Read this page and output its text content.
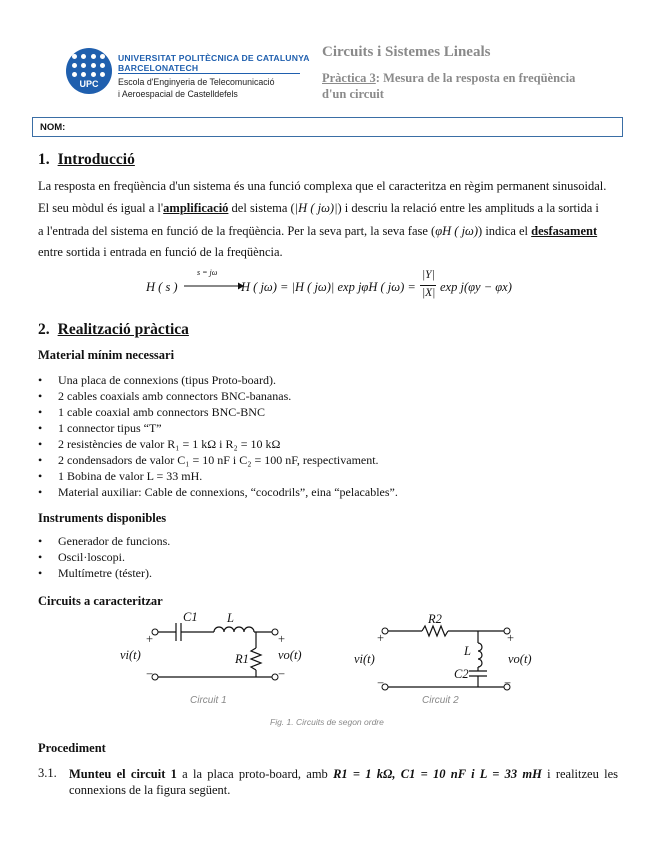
UPC
UNIVERSITAT POLITÈCNICA DE CATALUNYA
BARCELONATECH
Escola d'Enginyeria de Telecomunicació
i Aeroespacial de Castelldefels
Circuits i Sistemes Lineals
Pràctica 3: Mesura de la resposta en freqüència d'un circuit
NOM:
1. Introducció
La resposta en freqüència d'un sistema és una funció complexa que el caracteritza en règim permanent sinusoidal.
El seu mòdul és igual a l'amplificació del sistema (|H ( jω)|) i descriu la relació entre les amplituds a la sortida i
a l'entrada del sistema en funció de la freqüència. Per la seva part, la seva fase (φH ( jω)) indica el desfasament
entre sortida i entrada en funció de la freqüència.
H ( s )
s = jω
H ( jω) = |H ( jω)| exp jφH ( jω) =
|Y|
|X| exp j(φy − φx)
2. Realització pràctica
Material mínim necessari
• Una placa de connexions (tipus Proto-board).
• 2 cables coaxials amb connectors BNC-bananas.
• 1 cable coaxial amb connectors BNC-BNC
• 1 connector tipus “T”
• 2 resistències de valor R₁ = 1 kΩ i R₂ = 10 kΩ
• 2 condensadors de valor C₁ = 10 nF i C₂ = 100 nF, respectivament.
• 1 Bobina de valor L = 33 mH.
• Material auxiliar: Cable de connexions, “cocodrils”, eina “pelacables”.
Instruments disponibles
• Generador de funcions.
• Oscil·loscopi.
• Multímetre (téster).
Circuits a caracteritzar
C1 L
R1
+
−
vi(t)
+
−
vo(t)
Circuit 1
R2
L
C2
+
−
vi(t)
+
−
vo(t)
Circuit 2
Fig. 1. Circuits de segon ordre
Procediment
3.1. Munteu el circuit 1 a la placa proto-board, amb R1 = 1 kΩ, C1 = 10 nF i L = 33 mH i realitzeu les connexions de la figura següent.
